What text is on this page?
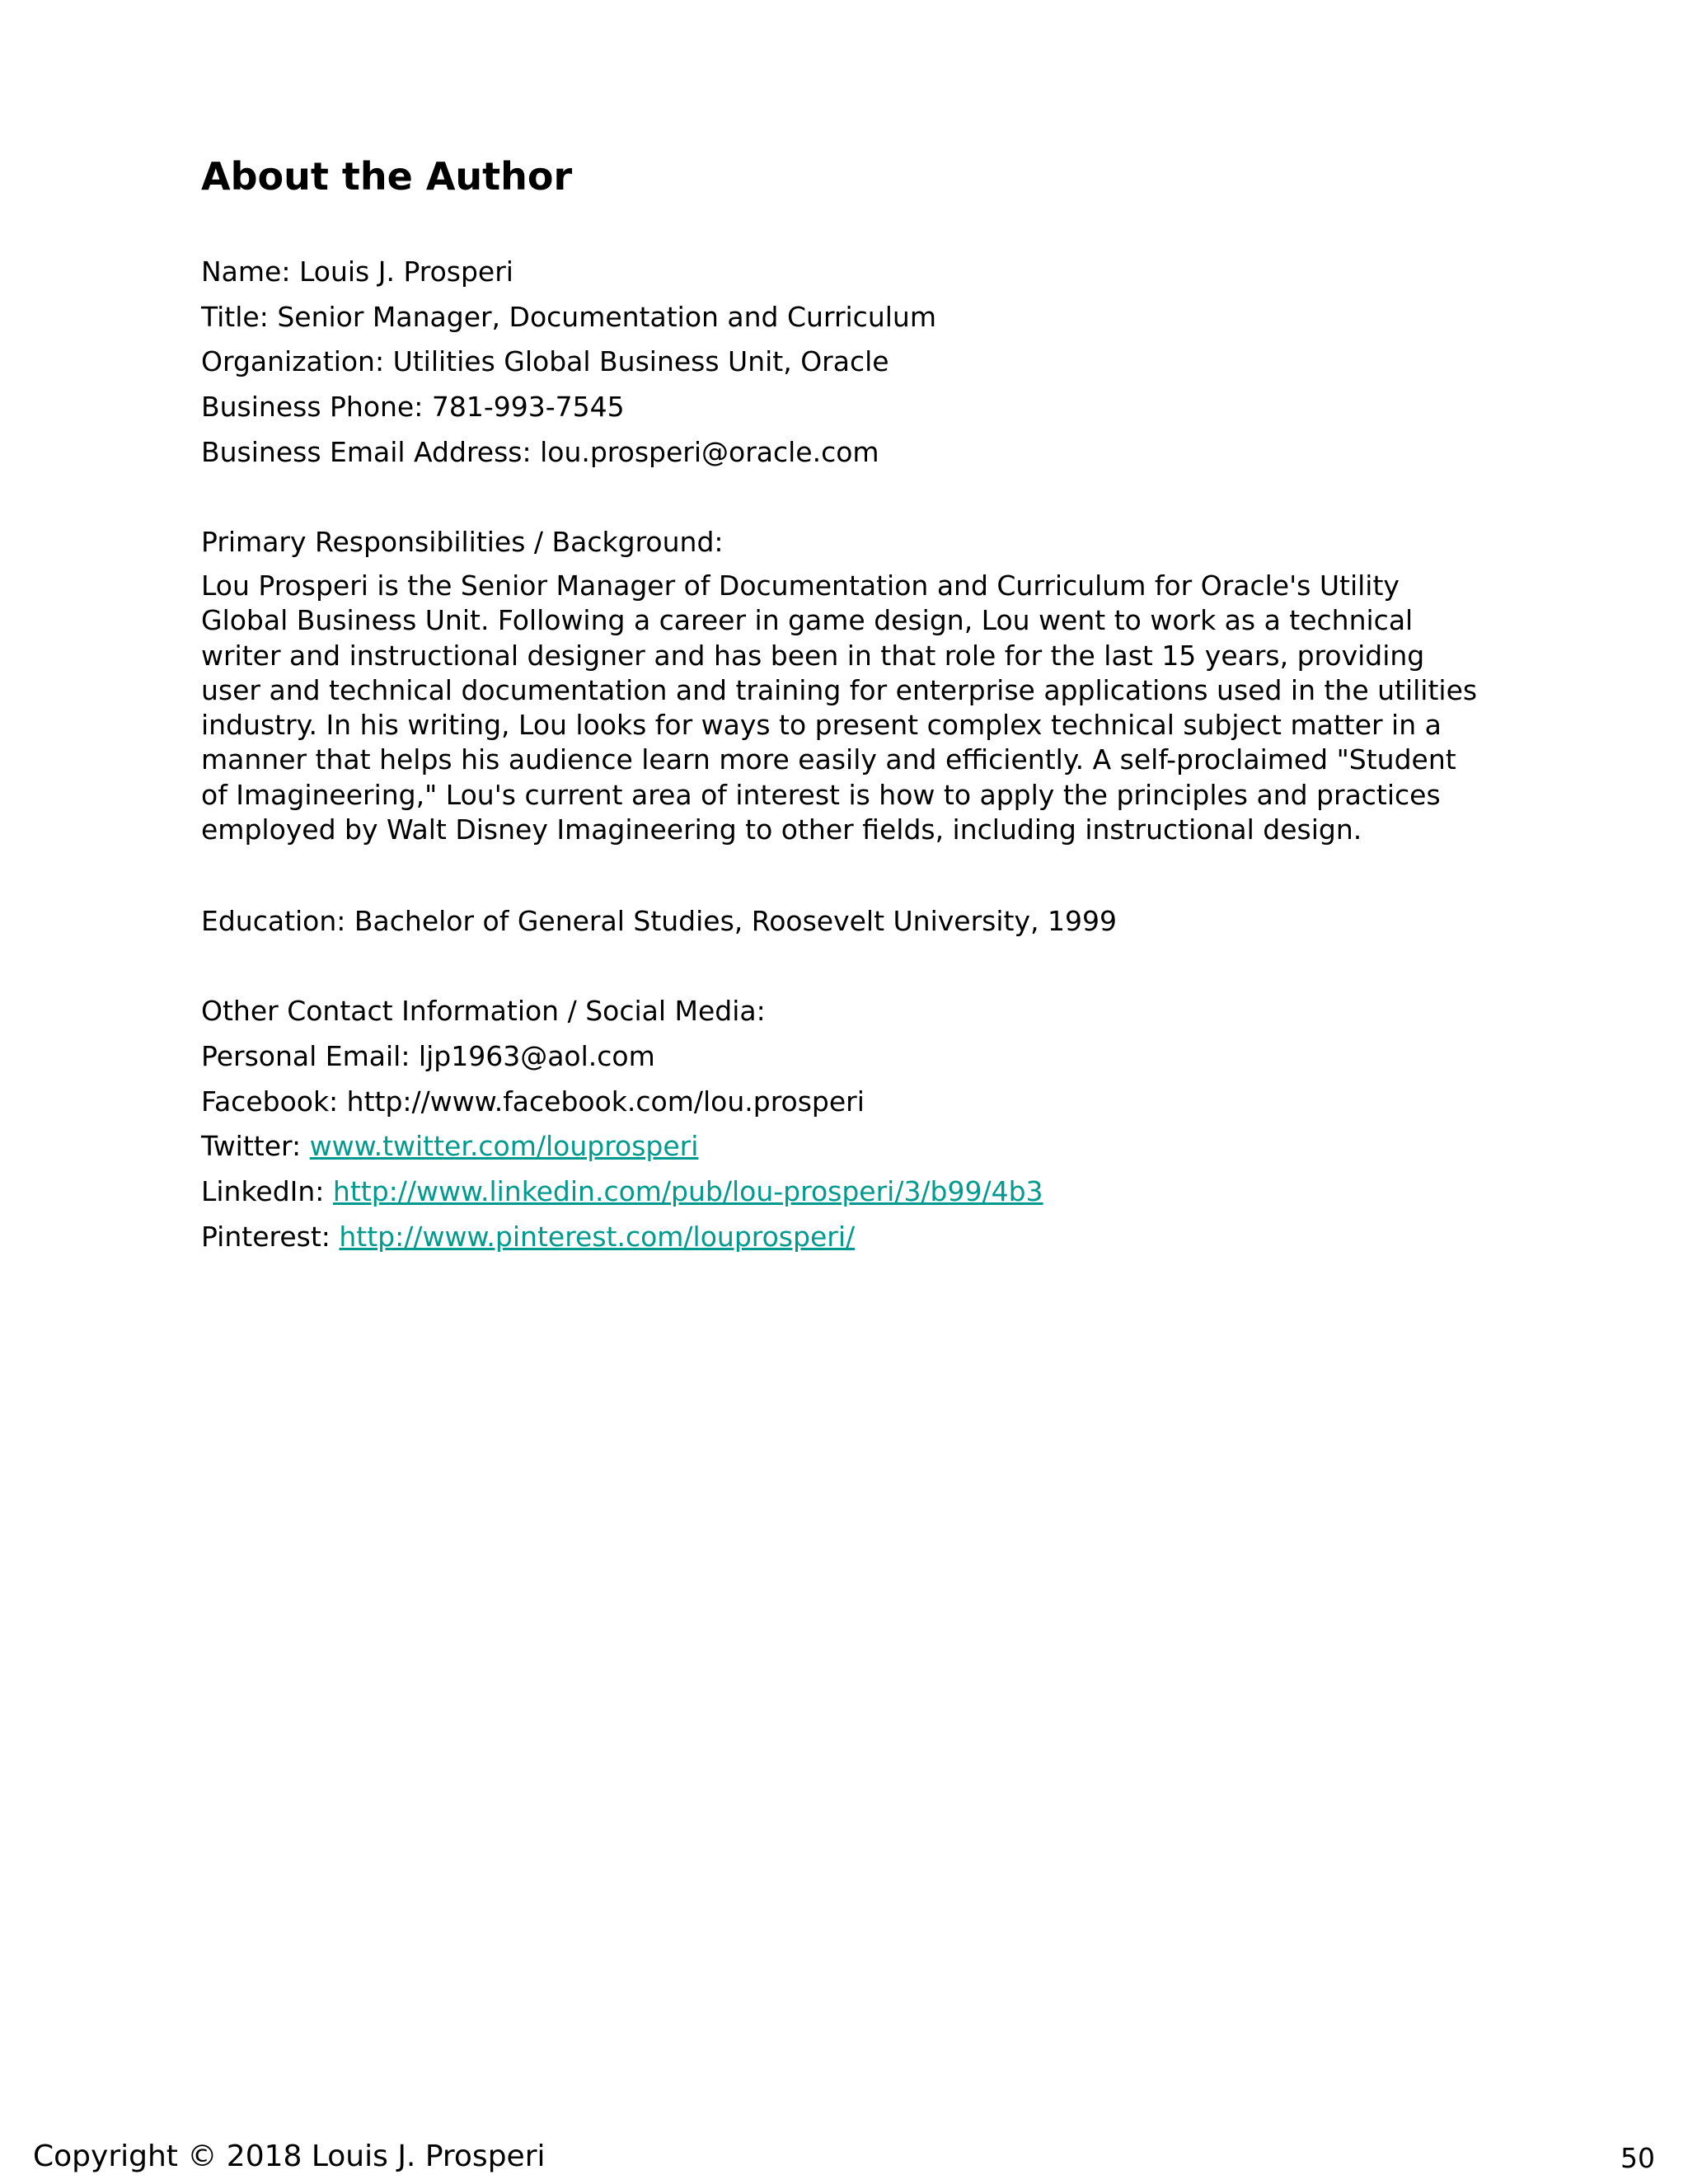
About the Author
Name: Louis J. Prosperi
Title: Senior Manager, Documentation and Curriculum
Organization: Utilities Global Business Unit, Oracle
Business Phone: 781-993-7545
Business Email Address: lou.prosperi@oracle.com
Primary Responsibilities / Background:

Lou Prosperi is the Senior Manager of Documentation and Curriculum for Oracle's Utility Global Business Unit. Following a career in game design, Lou went to work as a technical writer and instructional designer and has been in that role for the last 15 years, providing user and technical documentation and training for enterprise applications used in the utilities industry. In his writing, Lou looks for ways to present complex technical subject matter in a manner that helps his audience learn more easily and efficiently. A self-proclaimed "Student of Imagineering," Lou's current area of interest is how to apply the principles and practices employed by Walt Disney Imagineering to other fields, including instructional design.

Education: Bachelor of General Studies, Roosevelt University, 1999
Other Contact Information / Social Media:
Personal Email: ljp1963@aol.com
Facebook: http://www.facebook.com/lou.prosperi
Twitter: www.twitter.com/louprosperi
LinkedIn: http://www.linkedin.com/pub/lou-prosperi/3/b99/4b3
Pinterest: http://www.pinterest.com/louprosperi/
Copyright © 2018 Louis J. Prosperi	50
